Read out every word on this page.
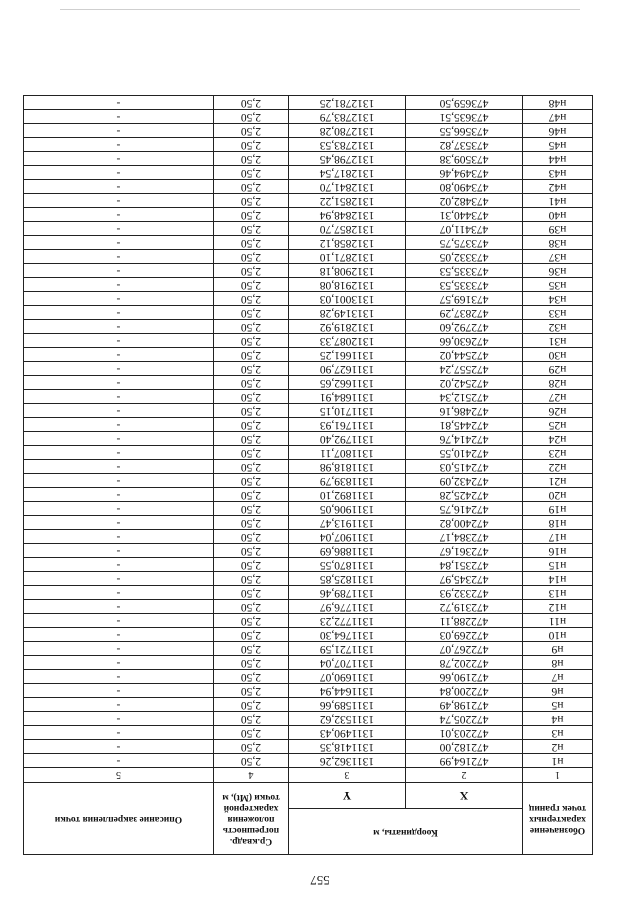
557
Обозначение характерных точек границ	Координаты, м		Ср.квадр. погрешность положения характерной точки (Mt), м	Описание закрепления точки
	X	Y		
1	2	3	4	5
н1	472164,99	1311362,26	2,50	-
н2	472182,00	1311418,35	2,50	-
н3	472203,01	1311490,43	2,50	-
н4	472205,74	1311532,62	2,50	-
н5	472198,49	1311589,66	2,50	-
н6	472200,84	1311644,94	2,50	-
н7	472190,66	1311690,07	2,50	-
н8	472202,78	1311707,04	2,50	-
н9	472267,07	1311721,59	2,50	-
н10	472269,03	1311764,30	2,50	-
н11	472288,11	1311772,23	2,50	-
н12	472319,72	1311776,97	2,50	-
н13	472332,93	1311789,46	2,50	-
н14	472345,97	1311825,85	2,50	-
н15	472351,84	1311870,55	2,50	-
н16	472361,67	1311886,69	2,50	-
н17	472384,17	1311907,04	2,50	-
н18	472400,82	1311913,47	2,50	-
н19	472416,75	1311906,05	2,50	-
н20	472425,28	1311892,10	2,50	-
н21	472432,09	1311839,79	2,50	-
н22	472415,03	1311818,98	2,50	-
н23	472410,55	1311807,11	2,50	-
н24	472414,76	1311792,40	2,50	-
н25	472445,81	1311761,93	2,50	-
н26	472486,16	1311710,15	2,50	-
н27	472512,34	1311684,91	2,50	-
н28	472542,02	1311662,65	2,50	-
н29	472557,24	1311627,90	2,50	-
н30	472544,02	1311661,25	2,50	-
н31	472630,66	1312087,33	2,50	-
н32	472792,60	1312819,92	2,50	-
н33	472837,29	1313149,28	2,50	-
н34	473169,57	1313001,03	2,50	-
н35	473335,53	1312918,08	2,50	-
н36	473335,53	1312908,18	2,50	-
н37	473332,05	1312871,10	2,50	-
н38	473375,75	1312858,12	2,50	-
н39	473411,07	1312857,70	2,50	-
н40	473440,31	1312848,94	2,50	-
н41	473482,02	1312851,22	2,50	-
н42	473490,80	1312841,70	2,50	-
н43	473494,46	1312817,54	2,50	-
н44	473509,38	1312798,45	2,50	-
н45	473537,82	1312783,53	2,50	-
н46	473566,55	1312780,28	2,50	-
н47	473635,51	1312783,79	2,50	-
н48	473659,50	1312781,25	2,50	-
